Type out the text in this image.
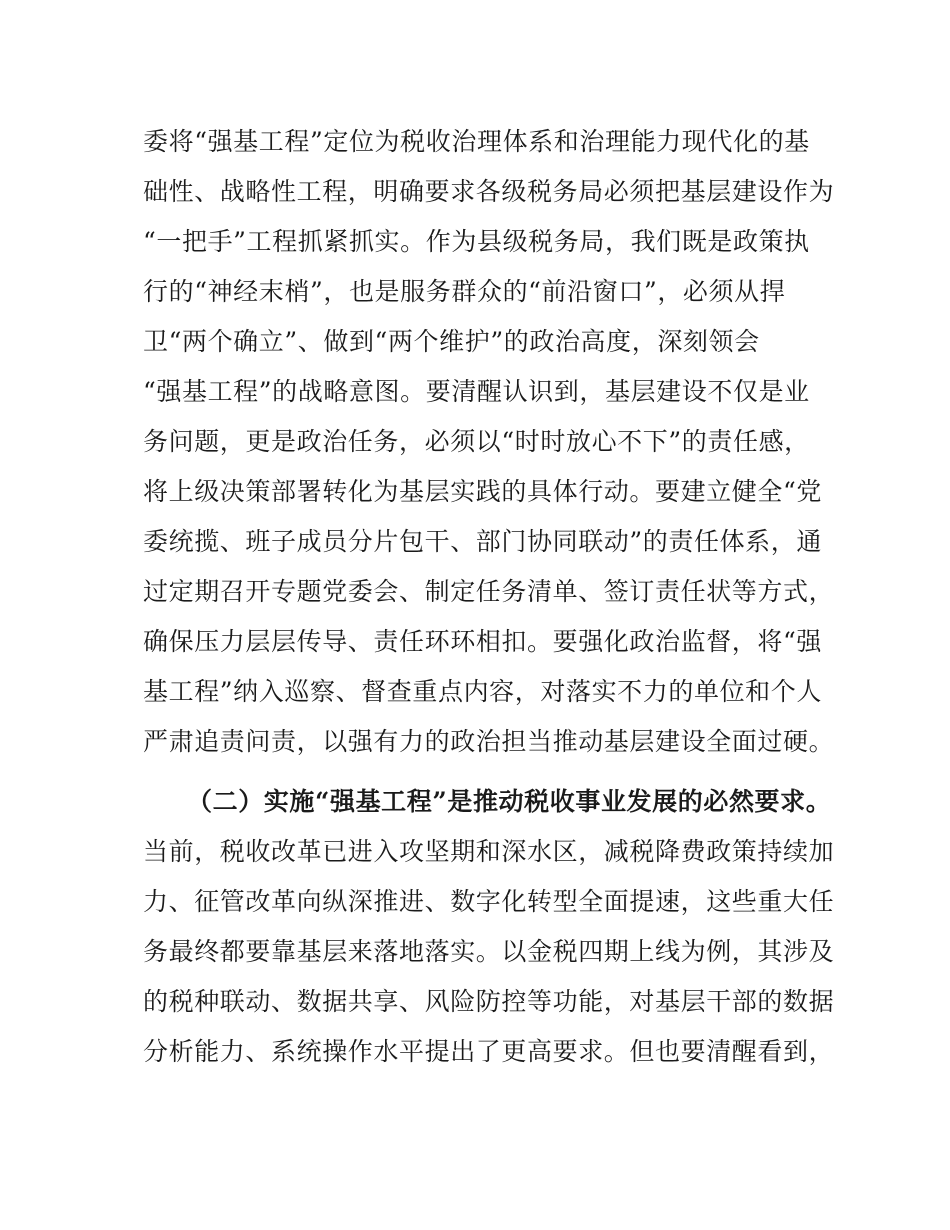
委将“强基工程”定位为税收治理体系和治理能力现代化的基
础性、战略性工程，明确要求各级税务局必须把基层建设作为
“一把手”工程抓紧抓实。作为县级税务局，我们既是政策执
行的“神经末梢”，也是服务群众的“前沿窗口”，必须从捍
卫“两个确立”、做到“两个维护”的政治高度，深刻领会
“强基工程”的战略意图。要清醒认识到，基层建设不仅是业
务问题，更是政治任务，必须以“时时放心不下”的责任感，
将上级决策部署转化为基层实践的具体行动。要建立健全“党
委统揽、班子成员分片包干、部门协同联动”的责任体系，通
过定期召开专题党委会、制定任务清单、签订责任状等方式，
确保压力层层传导、责任环环相扣。要强化政治监督，将“强
基工程”纳入巡察、督查重点内容，对落实不力的单位和个人
严肃追责问责，以强有力的政治担当推动基层建设全面过硬。
（二）实施“强基工程”是推动税收事业发展的必然要求。
当前，税收改革已进入攻坚期和深水区，减税降费政策持续加
力、征管改革向纵深推进、数字化转型全面提速，这些重大任
务最终都要靠基层来落地落实。以金税四期上线为例，其涉及
的税种联动、数据共享、风险防控等功能，对基层干部的数据
分析能力、系统操作水平提出了更高要求。但也要清醒看到，
